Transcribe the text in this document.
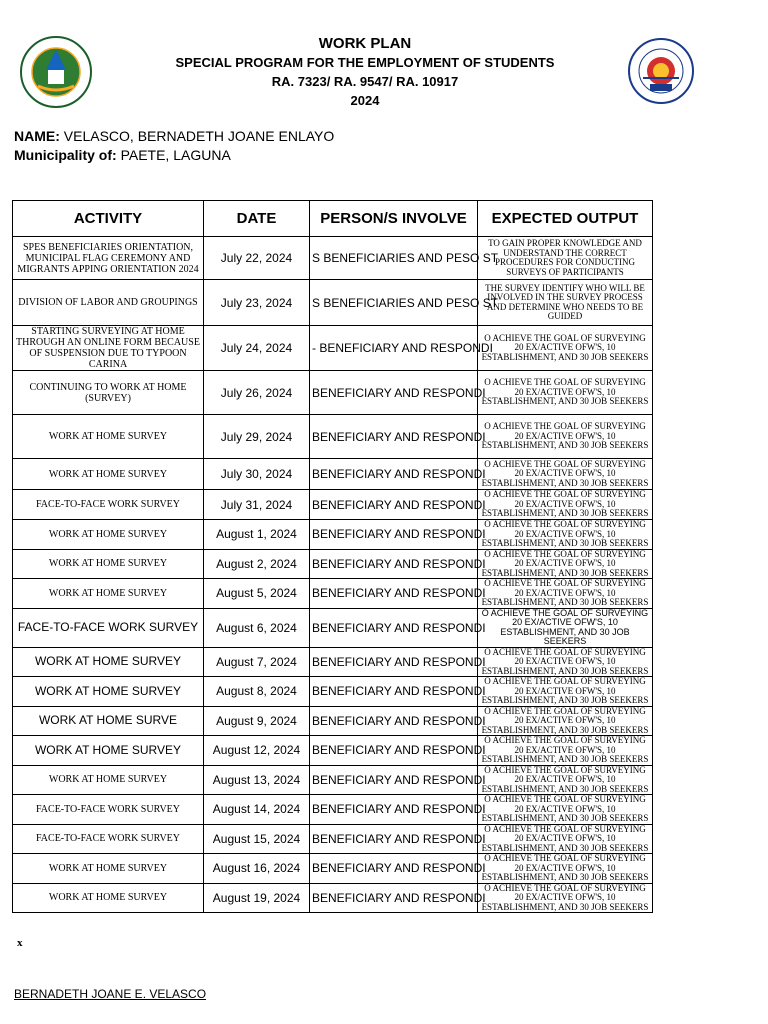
WORK PLAN
SPECIAL PROGRAM FOR THE EMPLOYMENT OF STUDENTS
RA. 7323/ RA. 9547/ RA. 10917
2024
NAME: VELASCO, BERNADETH JOANE ENLAYO
Municipality of: PAETE, LAGUNA
ACTIVITY	DATE	PERSON/S INVOLVE	EXPECTED OUTPUT
SPES BENEFICIARIES ORIENTATION, MUNICIPAL FLAG CEREMONY AND MIGRANTS APPING ORIENTATION 2024	July 22, 2024	S BENEFICIARIES AND PESO ST	TO GAIN PROPER KNOWLEDGE AND UNDERSTAND THE CORRECT PROCEDURES FOR CONDUCTING SURVEYS OF PARTICIPANTS
DIVISION OF LABOR AND GROUPINGS	July 23, 2024	S BENEFICIARIES AND PESO ST	THE SURVEY IDENTIFY WHO WILL BE INVOLVED IN THE SURVEY PROCESS AND DETERMINE WHO NEEDS TO BE GUIDED
STARTING SURVEYING AT HOME THROUGH AN ONLINE FORM BECAUSE OF SUSPENSION DUE TO TYPOON CARINA	July 24, 2024	- BENEFICIARY AND RESPONDI	O ACHIEVE THE GOAL OF SURVEYING 20 EX/ACTIVE OFW'S, 10 ESTABLISHMENT, AND 30 JOB SEEKERS
CONTINUING TO WORK AT HOME (SURVEY)	July 26, 2024	BENEFICIARY AND RESPONDI	O ACHIEVE THE GOAL OF SURVEYING 20 EX/ACTIVE OFW'S, 10 ESTABLISHMENT, AND 30 JOB SEEKERS
WORK AT HOME SURVEY	July 29, 2024	BENEFICIARY AND RESPONDI	O ACHIEVE THE GOAL OF SURVEYING 20 EX/ACTIVE OFW'S, 10 ESTABLISHMENT, AND 30 JOB SEEKERS
WORK AT HOME SURVEY	July 30, 2024	BENEFICIARY AND RESPONDI	O ACHIEVE THE GOAL OF SURVEYING 20 EX/ACTIVE OFW'S, 10 ESTABLISHMENT, AND 30 JOB SEEKERS
FACE-TO-FACE WORK SURVEY	July 31, 2024	BENEFICIARY AND RESPONDI	O ACHIEVE THE GOAL OF SURVEYING 20 EX/ACTIVE OFW'S, 10 ESTABLISHMENT, AND 30 JOB SEEKERS
WORK AT HOME SURVEY	August 1, 2024	BENEFICIARY AND RESPONDI	O ACHIEVE THE GOAL OF SURVEYING 20 EX/ACTIVE OFW'S, 10 ESTABLISHMENT, AND 30 JOB SEEKERS
WORK AT HOME SURVEY	August 2, 2024	BENEFICIARY AND RESPONDI	O ACHIEVE THE GOAL OF SURVEYING 20 EX/ACTIVE OFW'S, 10 ESTABLISHMENT, AND 30 JOB SEEKERS
WORK AT HOME SURVEY	August 5, 2024	BENEFICIARY AND RESPONDI	O ACHIEVE THE GOAL OF SURVEYING 20 EX/ACTIVE OFW'S, 10 ESTABLISHMENT, AND 30 JOB SEEKERS
FACE-TO-FACE WORK SURVEY	August 6, 2024	BENEFICIARY AND RESPONDI	O ACHIEVE THE GOAL OF SURVEYING 20 EX/ACTIVE OFW'S, 10 ESTABLISHMENT, AND 30 JOB SEEKERS
WORK AT HOME SURVEY	August 7, 2024	BENEFICIARY AND RESPONDI	O ACHIEVE THE GOAL OF SURVEYING 20 EX/ACTIVE OFW'S, 10 ESTABLISHMENT, AND 30 JOB SEEKERS
WORK AT HOME SURVEY	August 8, 2024	BENEFICIARY AND RESPONDI	O ACHIEVE THE GOAL OF SURVEYING 20 EX/ACTIVE OFW'S, 10 ESTABLISHMENT, AND 30 JOB SEEKERS
WORK AT HOME SURVE	August 9, 2024	BENEFICIARY AND RESPONDI	O ACHIEVE THE GOAL OF SURVEYING 20 EX/ACTIVE OFW'S, 10 ESTABLISHMENT, AND 30 JOB SEEKERS
WORK AT HOME SURVEY	August 12, 2024	BENEFICIARY AND RESPONDI	O ACHIEVE THE GOAL OF SURVEYING 20 EX/ACTIVE OFW'S, 10 ESTABLISHMENT, AND 30 JOB SEEKERS
WORK AT HOME SURVEY	August 13, 2024	BENEFICIARY AND RESPONDI	O ACHIEVE THE GOAL OF SURVEYING 20 EX/ACTIVE OFW'S, 10 ESTABLISHMENT, AND 30 JOB SEEKERS
FACE-TO-FACE WORK SURVEY	August 14, 2024	BENEFICIARY AND RESPONDI	O ACHIEVE THE GOAL OF SURVEYING 20 EX/ACTIVE OFW'S, 10 ESTABLISHMENT, AND 30 JOB SEEKERS
FACE-TO-FACE WORK SURVEY	August 15, 2024	BENEFICIARY AND RESPONDI	O ACHIEVE THE GOAL OF SURVEYING 20 EX/ACTIVE OFW'S, 10 ESTABLISHMENT, AND 30 JOB SEEKERS
WORK AT HOME SURVEY	August 16, 2024	BENEFICIARY AND RESPONDI	O ACHIEVE THE GOAL OF SURVEYING 20 EX/ACTIVE OFW'S, 10 ESTABLISHMENT, AND 30 JOB SEEKERS
WORK AT HOME SURVEY	August 19, 2024	BENEFICIARY AND RESPONDI	O ACHIEVE THE GOAL OF SURVEYING 20 EX/ACTIVE OFW'S, 10 ESTABLISHMENT, AND 30 JOB SEEKERS
x
BERNADETH JOANE E. VELASCO
